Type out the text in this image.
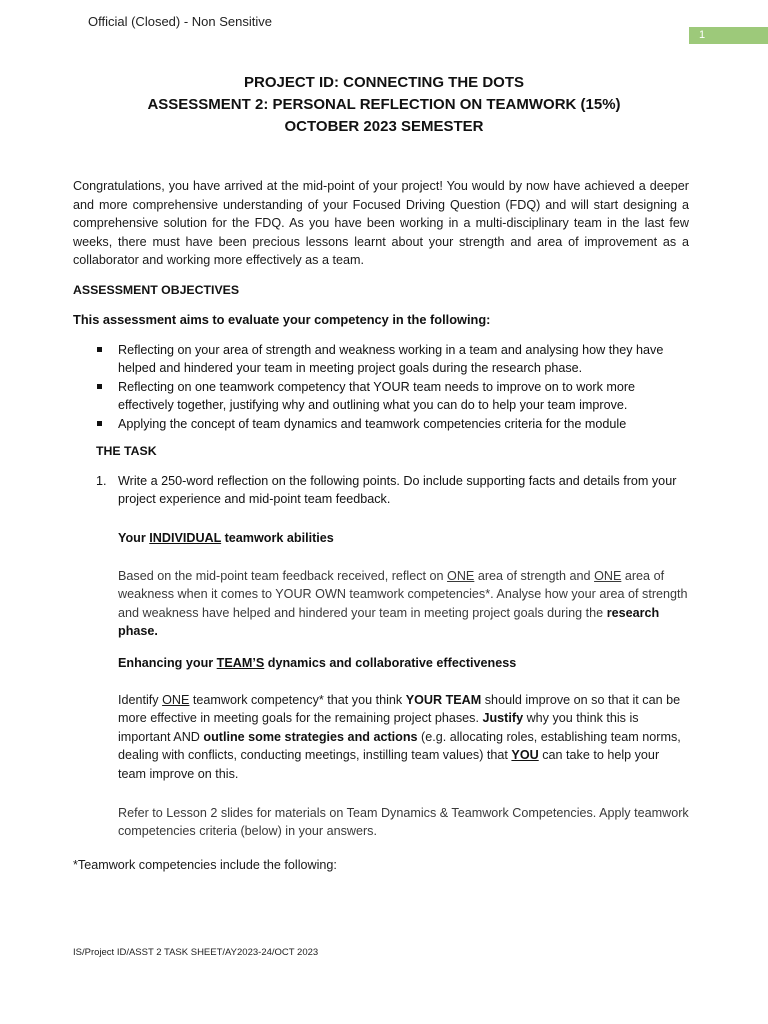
Official (Closed) - Non Sensitive
1
PROJECT ID: CONNECTING THE DOTS
ASSESSMENT 2: PERSONAL REFLECTION ON TEAMWORK (15%)
OCTOBER 2023 SEMESTER
Congratulations, you have arrived at the mid-point of your project! You would by now have achieved a deeper and more comprehensive understanding of your Focused Driving Question (FDQ) and will start designing a comprehensive solution for the FDQ. As you have been working in a multi-disciplinary team in the last few weeks, there must have been precious lessons learnt about your strength and area of improvement as a collaborator and working more effectively as a team.
ASSESSMENT OBJECTIVES
This assessment aims to evaluate your competency in the following:
Reflecting on your area of strength and weakness working in a team and analysing how they have helped and hindered your team in meeting project goals during the research phase.
Reflecting on one teamwork competency that YOUR team needs to improve on to work more effectively together, justifying why and outlining what you can do to help your team improve.
Applying the concept of team dynamics and teamwork competencies criteria for the module
THE TASK
1. Write a 250-word reflection on the following points. Do include supporting facts and details from your project experience and mid-point team feedback.
Your INDIVIDUAL teamwork abilities
Based on the mid-point team feedback received, reflect on ONE area of strength and ONE area of weakness when it comes to YOUR OWN teamwork competencies*. Analyse how your area of strength and weakness have helped and hindered your team in meeting project goals during the research phase.
Enhancing your TEAM’S dynamics and collaborative effectiveness
Identify ONE teamwork competency* that you think YOUR TEAM should improve on so that it can be more effective in meeting goals for the remaining project phases. Justify why you think this is important AND outline some strategies and actions (e.g. allocating roles, establishing team norms, dealing with conflicts, conducting meetings, instilling team values) that YOU can take to help your team improve on this.
Refer to Lesson 2 slides for materials on Team Dynamics & Teamwork Competencies. Apply teamwork competencies criteria (below) in your answers.
*Teamwork competencies include the following:
IS/Project ID/ASST 2 TASK SHEET/AY2023-24/OCT 2023
